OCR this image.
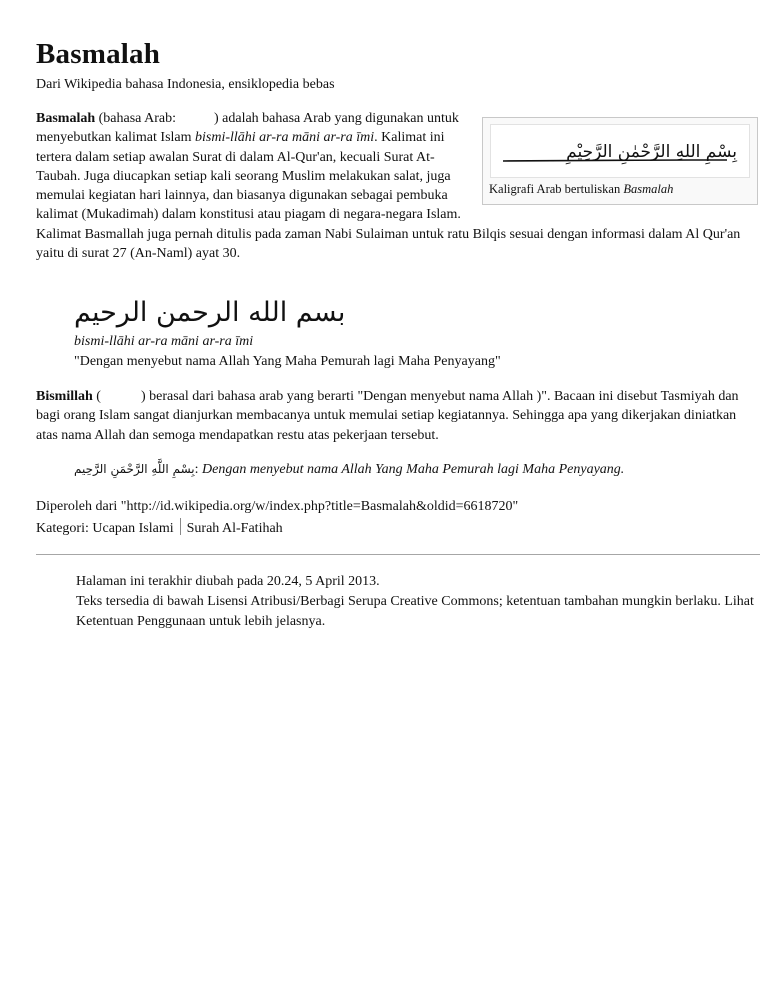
Basmalah
Dari Wikipedia bahasa Indonesia, ensiklopedia bebas
بِسْمِ اللهِ الرَّحْمٰنِ الرَّحِيْمِ
Kaligrafi Arab bertuliskan Basmalah
Basmalah (bahasa Arab:	) adalah bahasa Arab yang digunakan untuk menyebutkan kalimat Islam bismi-llāhi ar-ra māni ar-ra īmi. Kalimat ini tertera dalam setiap awalan Surat di dalam Al-Qur'an, kecuali Surat At-Taubah. Juga diucapkan setiap kali seorang Muslim melakukan salat, juga memulai kegiatan hari lainnya, dan biasanya digunakan sebagai pembuka kalimat (Mukadimah) dalam konstitusi atau piagam di negara-negara Islam. Kalimat Basmallah juga pernah ditulis pada zaman Nabi Sulaiman untuk ratu Bilqis sesuai dengan informasi dalam Al Qur'an yaitu di surat 27 (An-Naml) ayat 30.
بسم الله الرحمن الرحيم
bismi-llāhi ar-ra māni ar-ra īmi
"Dengan menyebut nama Allah Yang Maha Pemurah lagi Maha Penyayang"
Bismillah (	) berasal dari bahasa arab yang berarti "Dengan menyebut nama Allah )". Bacaan ini disebut Tasmiyah dan bagi orang Islam sangat dianjurkan membacanya untuk memulai setiap kegiatannya. Sehingga apa yang dikerjakan diniatkan atas nama Allah dan semoga mendapatkan restu atas pekerjaan tersebut.
بِسْمِ اللَّهِ الرَّحْمَنِ الرَّحِيم: Dengan menyebut nama Allah Yang Maha Pemurah lagi Maha Penyayang.
Diperoleh dari "http://id.wikipedia.org/w/index.php?title=Basmalah&oldid=6618720"
Kategori: Ucapan Islami Surah Al-Fatihah
Halaman ini terakhir diubah pada 20.24, 5 April 2013.
Teks tersedia di bawah Lisensi Atribusi/Berbagi Serupa Creative Commons; ketentuan tambahan mungkin berlaku. Lihat Ketentuan Penggunaan untuk lebih jelasnya.
